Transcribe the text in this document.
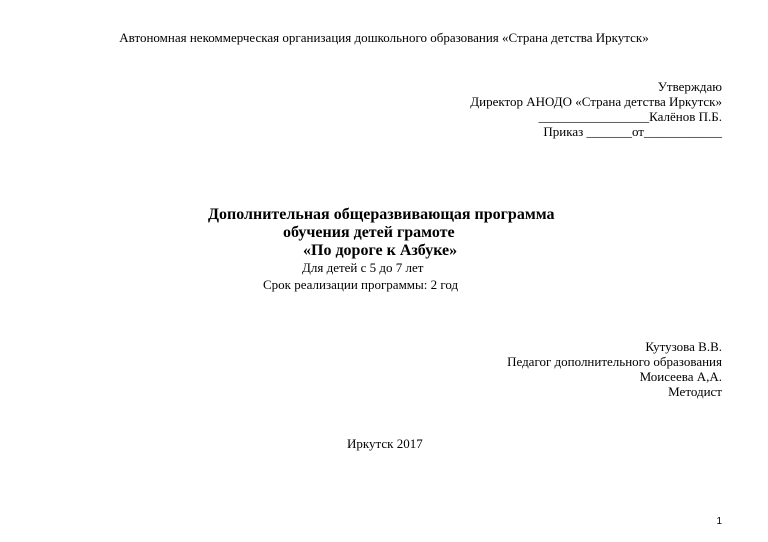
Автономная некоммерческая организация дошкольного образования «Страна детства Иркутск»
Утверждаю
Директор АНОДО «Страна детства Иркутск»
_________________Калёнов П.Б.
Приказ _______от____________
Дополнительная общеразвивающая программа
обучения детей грамоте
«По дороге к Азбуке»
Для детей с 5 до 7 лет
Срок реализации программы: 2 год
Кутузова В.В.
Педагог дополнительного образования
Моисеева А,А.
Методист
Иркутск 2017
1
